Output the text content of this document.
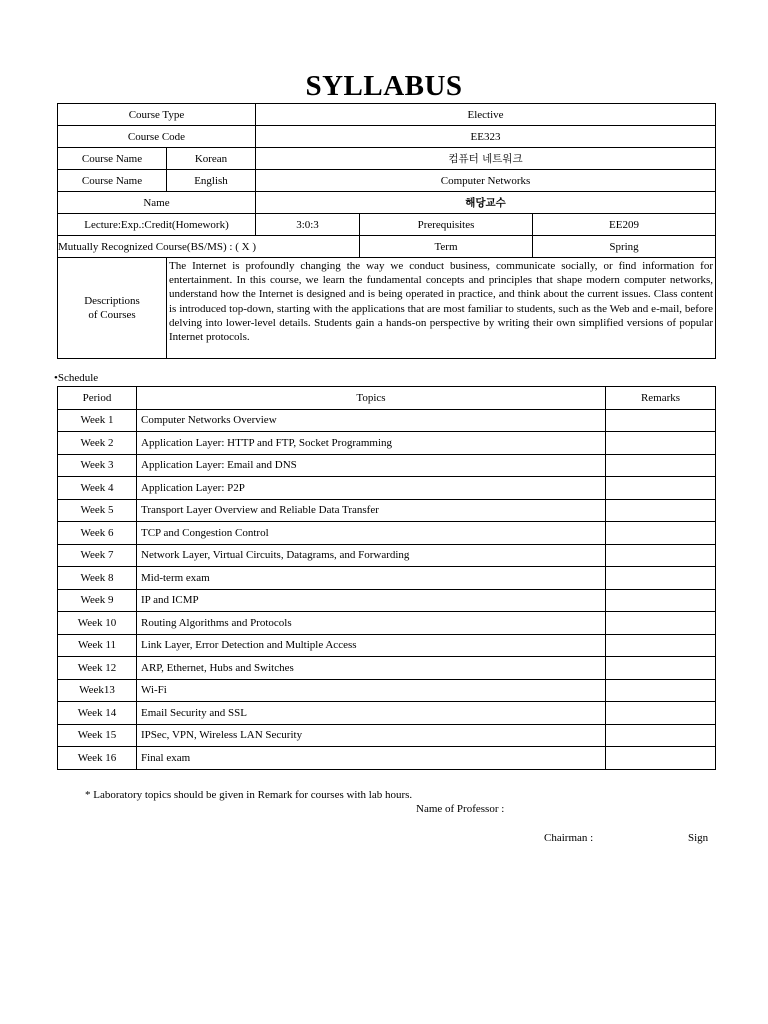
SYLLABUS
Course Type		Elective		
Course Code		EE323		
Course Name	Korean	컴퓨터 네트워크		
Course Name	English	Computer Networks		
Name		해당교수		
Lecture:Exp.:Credit(Homework)		3:0:3	Prerequisites	EE209
Mutually Recognized Course(BS/MS) : ( X )			Term	Spring

Descriptions
of Courses	The Internet is profoundly changing the way we conduct business, communicate socially, or find information for entertainment. In this course, we learn the fundamental concepts and principles that shape modern computer networks, understand how the Internet is designed and is being operated in practice, and think about the current issues. Class content is introduced top-down, starting with the applications that are most familiar to students, such as the Web and e-mail, before delving into lower-level details. Students gain a hands-on perspective by writing their own simplified versions of popular Internet protocols.			
•Schedule
Period	Topics	Remarks
Week 1	Computer Networks Overview	
Week 2	Application Layer: HTTP and FTP, Socket Programming	
Week 3	Application Layer: Email and DNS	
Week 4	Application Layer: P2P	
Week 5	Transport Layer Overview and Reliable Data Transfer	
Week 6	TCP and Congestion Control	
Week 7	Network Layer, Virtual Circuits, Datagrams, and Forwarding	
Week 8	Mid-term exam	
Week 9	IP and ICMP	
Week 10	Routing Algorithms and Protocols	
Week 11	Link Layer, Error Detection and Multiple Access	
Week 12	ARP, Ethernet, Hubs and Switches	
Week13	Wi-Fi	
Week 14	Email Security and SSL	
Week 15	IPSec, VPN, Wireless LAN Security	
Week 16	Final exam	
* Laboratory topics should be given in Remark for courses with lab hours.
Name of Professor :
Chairman :	Sign
